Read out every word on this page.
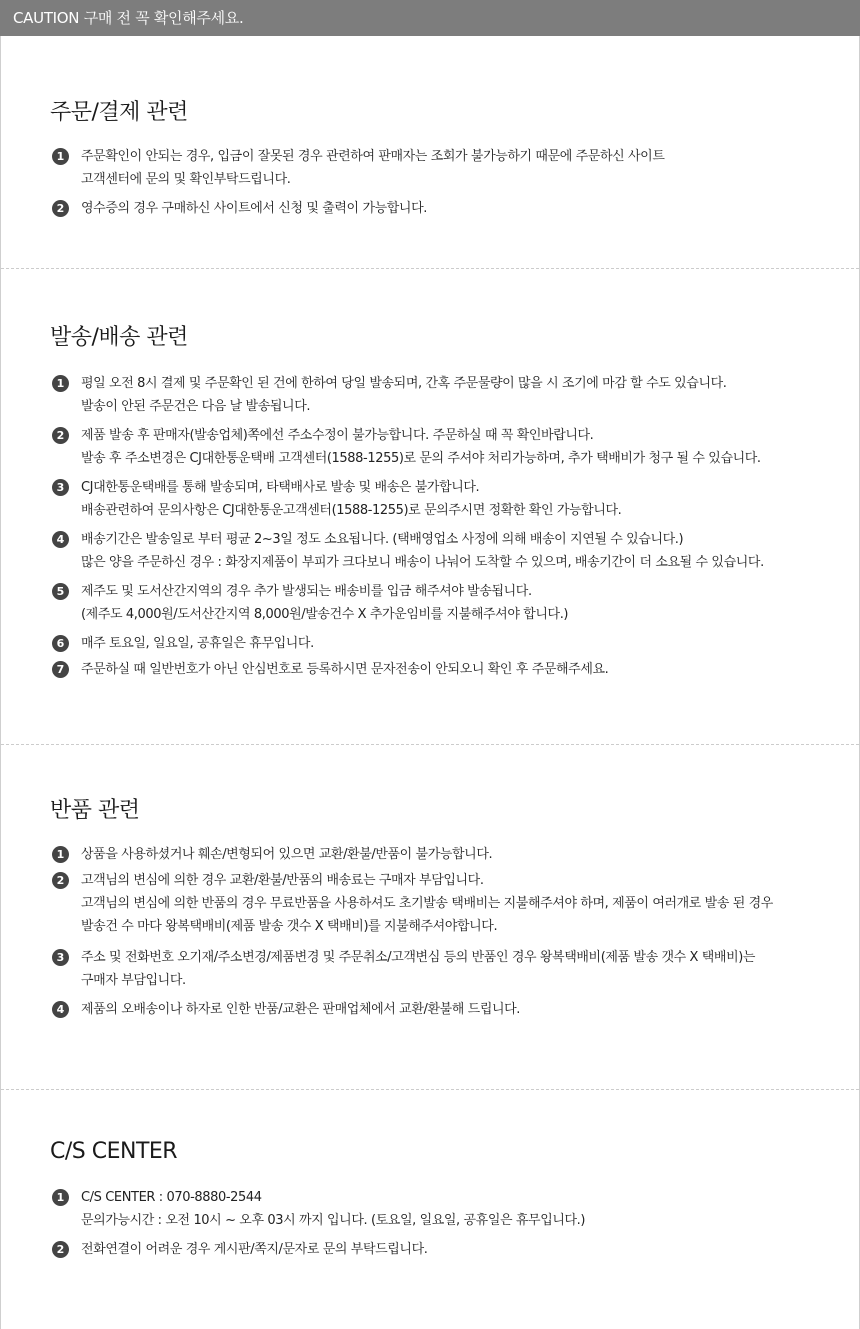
CAUTION 구매 전 꼭 확인해주세요.
주문/결제 관련
1	주문확인이 안되는 경우, 입금이 잘못된 경우 관련하여 판매자는 조회가 불가능하기 때문에 주문하신 사이트
고객센터에 문의 및 확인부탁드립니다.
2	영수증의 경우 구매하신 사이트에서 신청 및 출력이 가능합니다.
발송/배송 관련
1	평일 오전 8시 결제 및 주문확인 된 건에 한하여 당일 발송되며, 간혹 주문물량이 많을 시 조기에 마감 할 수도 있습니다.
발송이 안된 주문건은 다음 날 발송됩니다.
2	제품 발송 후 판매자(발송업체)쪽에선 주소수정이 불가능합니다. 주문하실 때 꼭 확인바랍니다.
발송 후 주소변경은 CJ대한통운택배 고객센터(1588-1255)로 문의 주셔야 처리가능하며, 추가 택배비가 청구 될 수 있습니다.
3	CJ대한통운택배를 통해 발송되며, 타택배사로 발송 및 배송은 불가합니다.
배송관련하여 문의사항은 CJ대한통운고객센터(1588-1255)로 문의주시면 정확한 확인 가능합니다.
4	배송기간은 발송일로 부터 평균 2~3일 정도 소요됩니다. (택배영업소 사정에 의해 배송이 지연될 수 있습니다.)
많은 양을 주문하신 경우 : 화장지제품이 부피가 크다보니 배송이 나눠어 도착할 수 있으며, 배송기간이 더 소요될 수 있습니다.
5	제주도 및 도서산간지역의 경우 추가 발생되는 배송비를 입금 해주셔야 발송됩니다.
(제주도 4,000원/도서산간지역 8,000원/발송건수 X 추가운임비를 지불해주셔야 합니다.)
6	매주 토요일, 일요일, 공휴일은 휴무입니다.
7	주문하실 때 일반번호가 아닌 안심번호로 등록하시면 문자전송이 안되오니 확인 후 주문해주세요.
반품 관련
1	상품을 사용하셨거나 훼손/변형되어 있으면 교환/환불/반품이 불가능합니다.
2	고객님의 변심에 의한 경우 교환/환불/반품의 배송료는 구매자 부담입니다.
고객님의 변심에 의한 반품의 경우 무료반품을 사용하셔도 초기발송 택배비는 지불해주셔야 하며, 제품이 여러개로 발송 된 경우
발송건 수 마다 왕복택배비(제품 발송 갯수 X 택배비)를 지불해주셔야합니다.
3	주소 및 전화번호 오기재/주소변경/제품변경 및 주문취소/고객변심 등의 반품인 경우 왕복택배비(제품 발송 갯수 X 택배비)는
구매자 부담입니다.
4	제품의 오배송이나 하자로 인한 반품/교환은 판매업체에서 교환/환불해 드립니다.
C/S CENTER
1	C/S CENTER : 070-8880-2544
문의가능시간 : 오전 10시 ~ 오후 03시 까지 입니다. (토요일, 일요일, 공휴일은 휴무입니다.)
2	전화연결이 어려운 경우 게시판/쪽지/문자로 문의 부탁드립니다.
